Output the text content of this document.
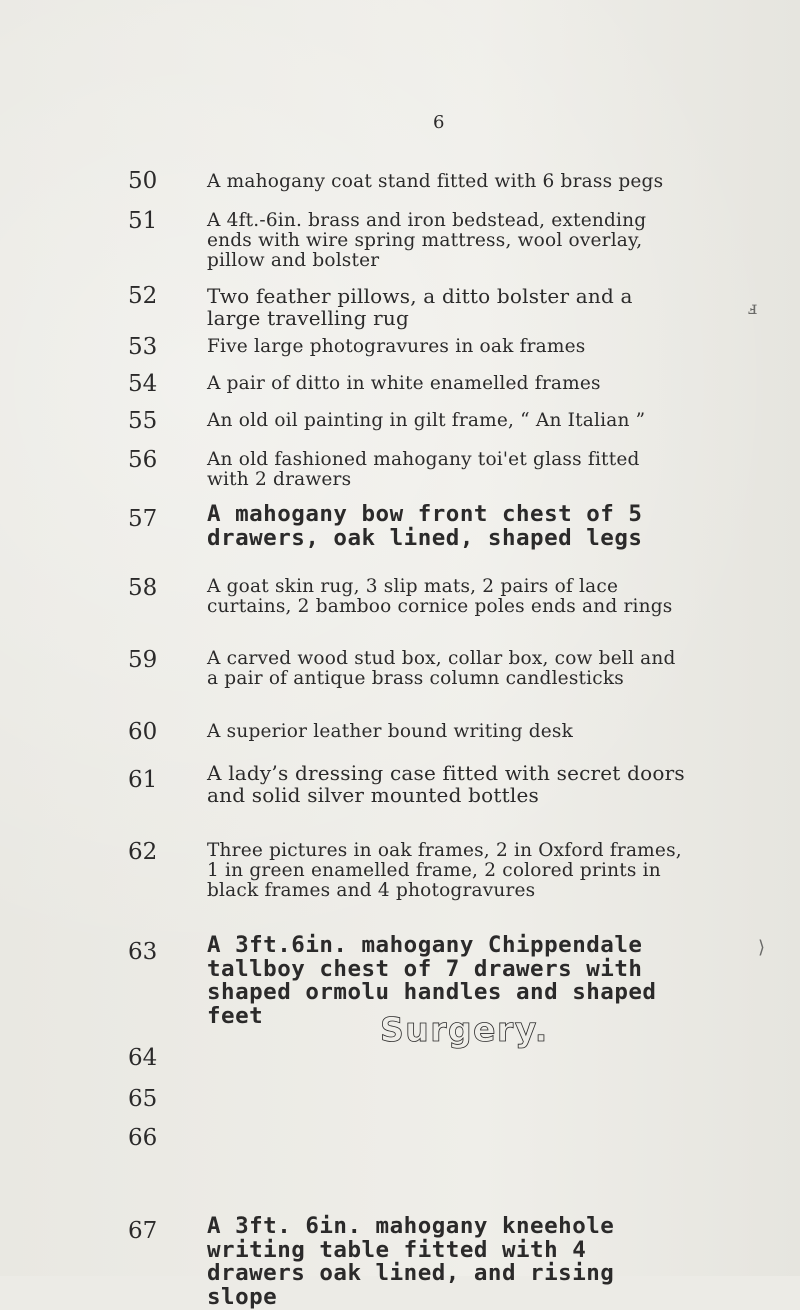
6
50	A mahogany coat stand fitted with 6 brass pegs
51	A 4ft.-6in. brass and iron bedstead, extending ends with wire spring mattress, wool overlay, pillow and bolster
52 Two feather pillows, a ditto bolster and a large travelling rug
53	Five large photogravures in oak frames
54	A pair of ditto in white enamelled frames
55	An old oil painting in gilt frame, “ An Italian ”
56	An old fashioned mahogany toi'et glass fitted with 2 drawers
57 A mahogany bow front chest of 5 drawers, oak lined, shaped legs
58	A goat skin rug, 3 slip mats, 2 pairs of lace curtains, 2 bamboo cornice poles ends and rings
59	A carved wood stud box, collar box, cow bell and a pair of antique brass column candlesticks
60	A superior leather bound writing desk
61 A lady’s dressing case fitted with secret doors and solid silver mounted bottles
62	Three pictures in oak frames, 2 in Oxford frames, 1 in green enamelled frame, 2 colored prints in black frames and 4 photogravures
63 A 3ft.6in. mahogany Chippendale tallboy chest of 7 drawers with shaped ormolu handles and shaped feet
64
65
66
Surgery.
67 A 3ft. 6in. mahogany kneehole writing table fitted with 4 drawers oak lined, and rising slope
ⅎ
⟩
